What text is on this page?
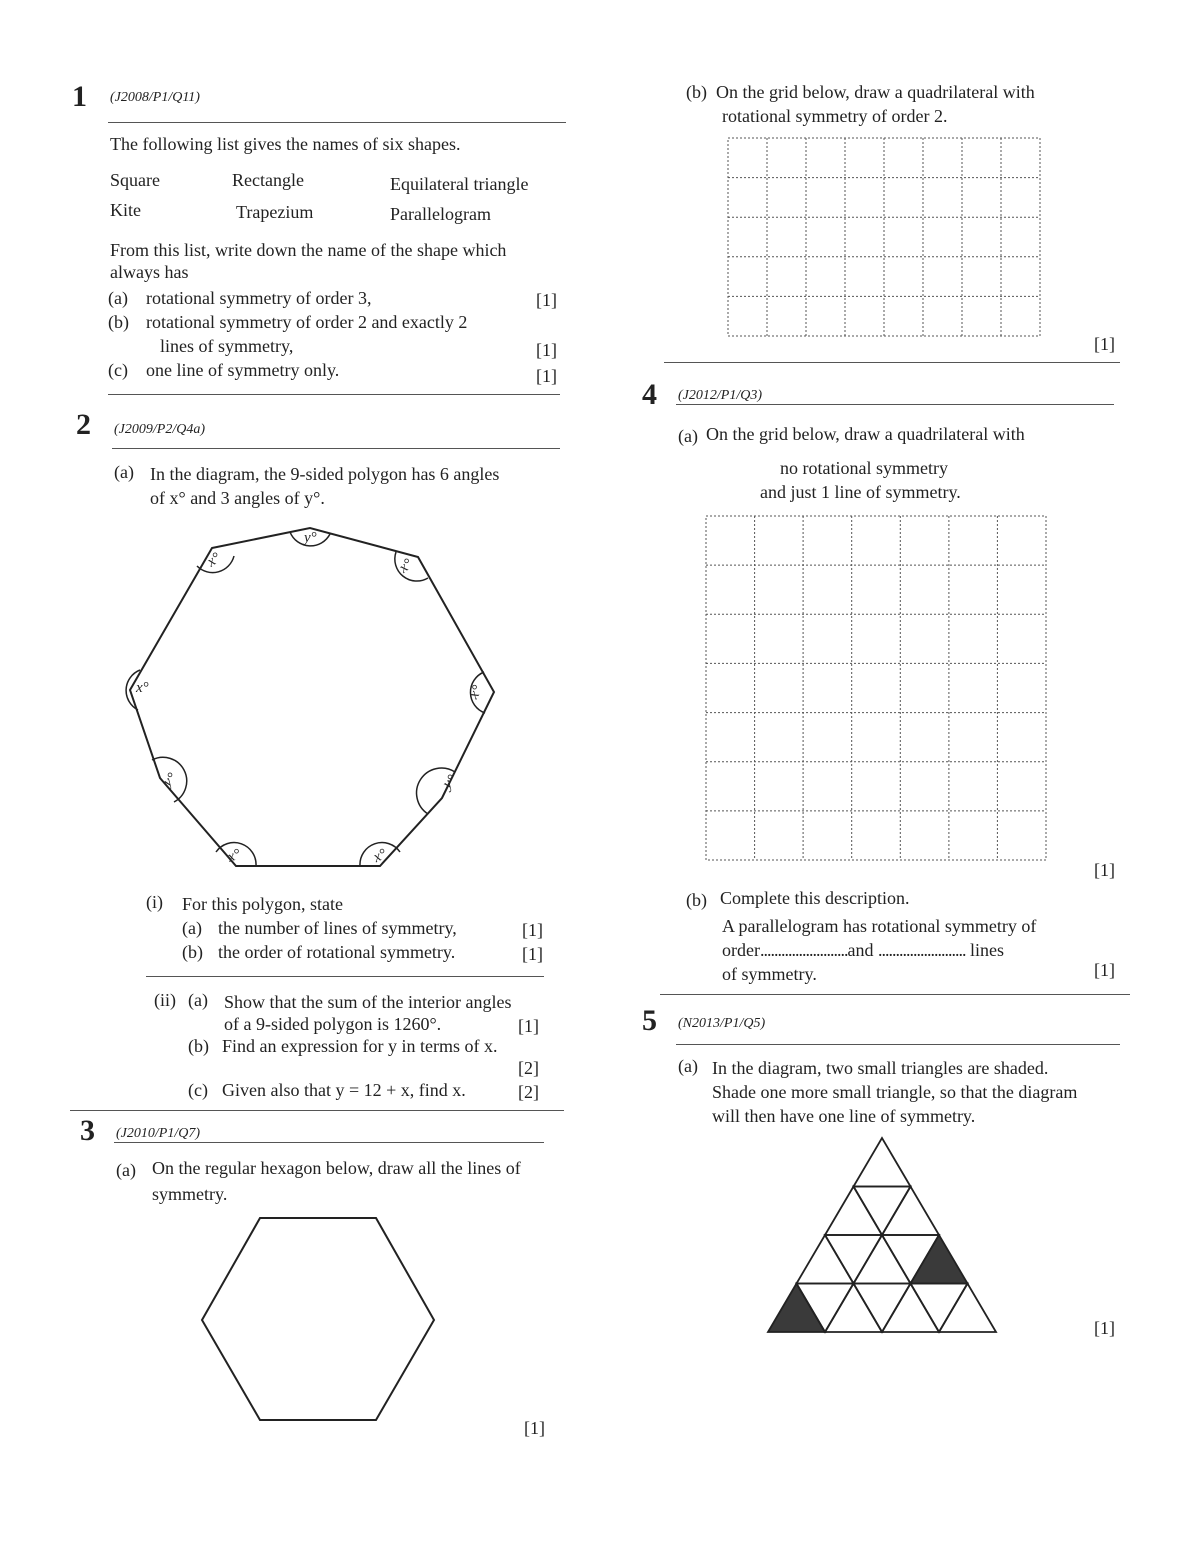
1 (J2008/P1/Q11)
The following list gives the names of six shapes.
Square	Rectangle	Equilateral triangle
Kite	Trapezium	Parallelogram
From this list, write down the name of the shape which
always has
(a) rotational symmetry of order 3,	[1]
(b) rotational symmetry of order 2 and exactly 2
lines of symmetry,	[1]
(c) one line of symmetry only.	[1]
2 (J2009/P2/Q4a)
(a) In the diagram, the 9-sided polygon has 6 angles
of x° and 3 angles of y°.
x°
y°
x°
x°
y°
x°
x°
y°
x°
(i) For this polygon, state
(a) the number of lines of symmetry,	[1]
(b) the order of rotational symmetry.	[1]
(ii) (a) Show that the sum of the interior angles
of a 9-sided polygon is 1260°.	[1]
(b) Find an expression for y in terms of x.
[2]
(c) Given also that y = 12 + x, find x.	[2]
3 (J2010/P1/Q7)
(a) On the regular hexagon below, draw all the lines of
symmetry.
[1]
(b) On the grid below, draw a quadrilateral with
rotational symmetry of order 2.
[1]
4 (J2012/P1/Q3)
(a) On the grid below, draw a quadrilateral with
no rotational symmetry
and just 1 line of symmetry.
[1]
(b) Complete this description.
A parallelogram has rotational symmetry of
order.........................and ......................... lines
of symmetry.	[1]
5 (N2013/P1/Q5)
(a) In the diagram, two small triangles are shaded.
Shade one more small triangle, so that the diagram
will then have one line of symmetry.
[1]
